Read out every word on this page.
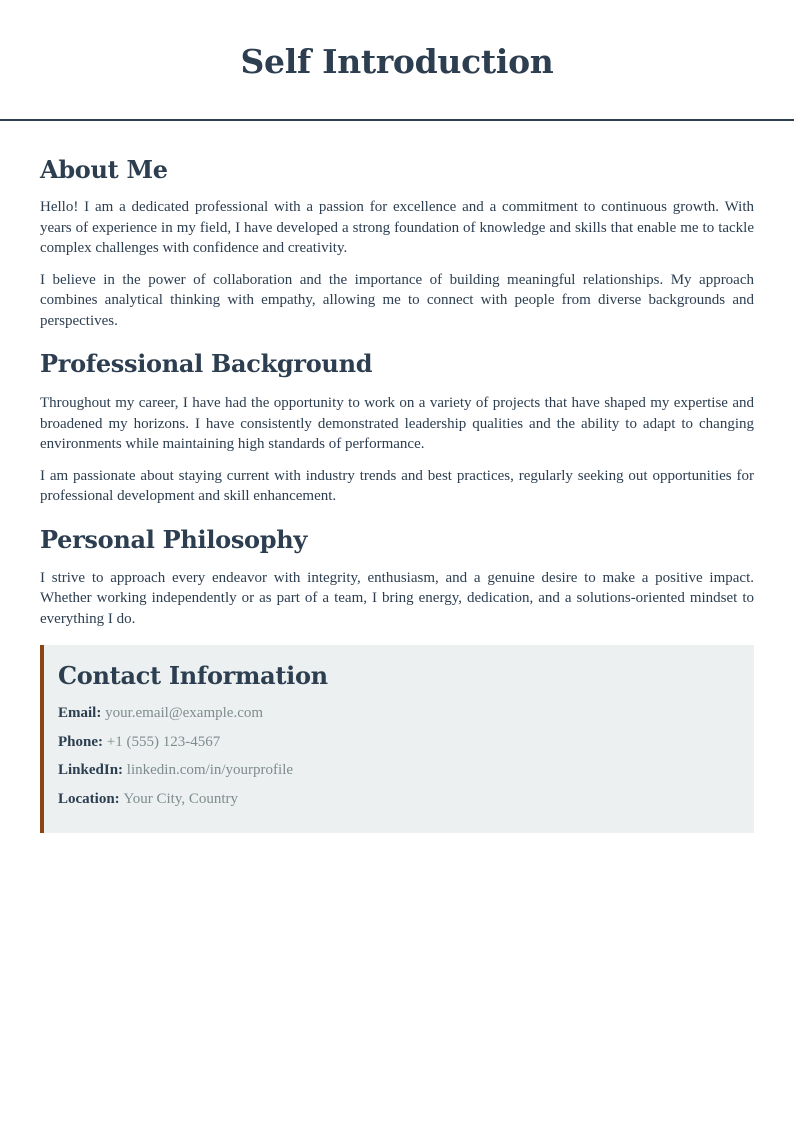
Self Introduction
About Me

Hello! I am a dedicated professional with a passion for excellence and a commitment to continuous growth. With years of experience in my field, I have developed a strong foundation of knowledge and skills that enable me to tackle complex challenges with confidence and creativity.

I believe in the power of collaboration and the importance of building meaningful relationships. My approach combines analytical thinking with empathy, allowing me to connect with people from diverse backgrounds and perspectives.

Professional Background

Throughout my career, I have had the opportunity to work on a variety of projects that have shaped my expertise and broadened my horizons. I have consistently demonstrated leadership qualities and the ability to adapt to changing environments while maintaining high standards of performance.

I am passionate about staying current with industry trends and best practices, regularly seeking out opportunities for professional development and skill enhancement.

Personal Philosophy

I strive to approach every endeavor with integrity, enthusiasm, and a genuine desire to make a positive impact. Whether working independently or as part of a team, I bring energy, dedication, and a solutions-oriented mindset to everything I do.

Contact Information
Email: your.email@example.com
Phone: +1 (555) 123-4567
LinkedIn: linkedin.com/in/yourprofile
Location: Your City, Country
